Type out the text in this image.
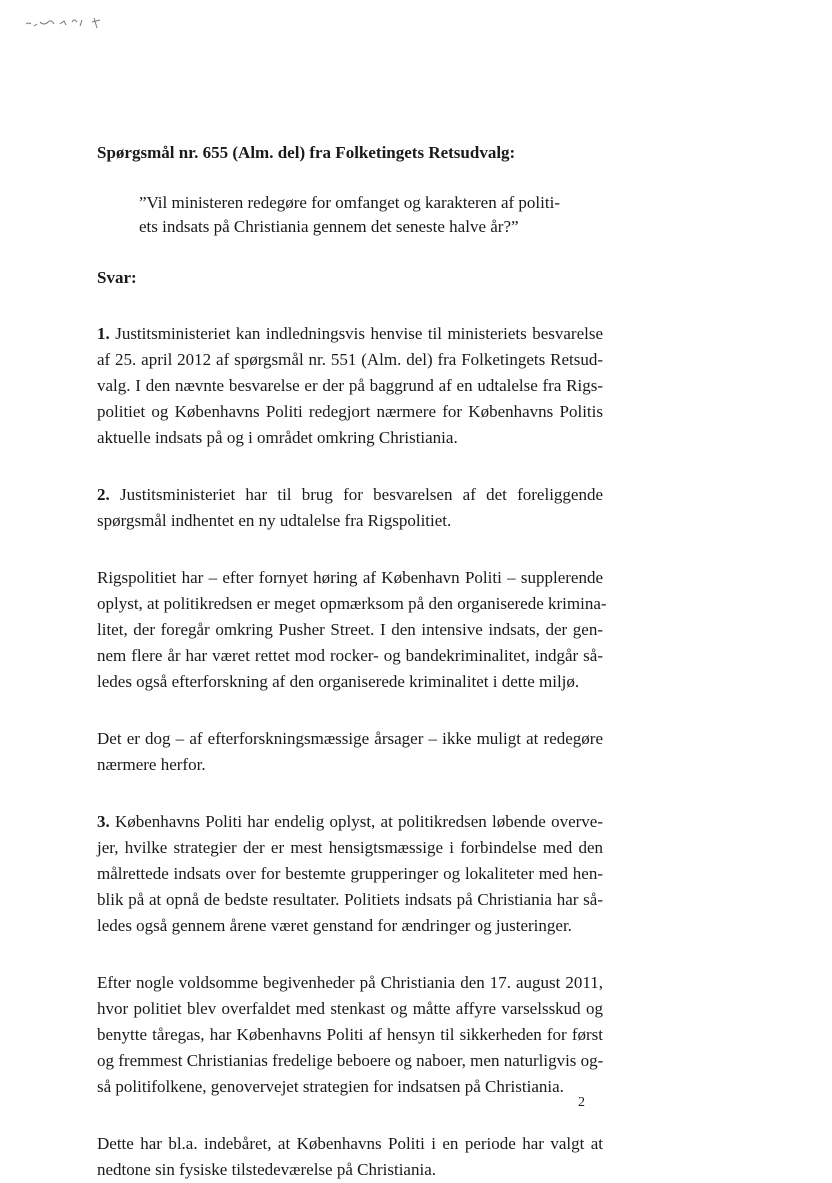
Spørgsmål nr. 655 (Alm. del) fra Folketingets Retsudvalg:

”Vil ministeren redegøre for omfanget og karakteren af politi-

ets indsats på Christiania gennem det seneste halve år?”

Svar:
1. Justitsministeriet kan indledningsvis henvise til ministeriets besvarelse
af 25. april 2012 af spørgsmål nr. 551 (Alm. del) fra Folketingets Retsud-
valg. I den nævnte besvarelse er der på baggrund af en udtalelse fra Rigs-
politiet og Københavns Politi redegjort nærmere for Københavns Politis
aktuelle indsats på og i området omkring Christiania.
2. Justitsministeriet har til brug for besvarelsen af det foreliggende
spørgsmål indhentet en ny udtalelse fra Rigspolitiet.
Rigspolitiet har – efter fornyet høring af København Politi – supplerende
oplyst, at politikredsen er meget opmærksom på den organiserede krimina-
litet, der foregår omkring Pusher Street. I den intensive indsats, der gen-
nem flere år har været rettet mod rocker- og bandekriminalitet, indgår så-
ledes også efterforskning af den organiserede kriminalitet i dette miljø.
Det er dog – af efterforskningsmæssige årsager – ikke muligt at redegøre
nærmere herfor.
3. Københavns Politi har endelig oplyst, at politikredsen løbende overve-
jer, hvilke strategier der er mest hensigtsmæssige i forbindelse med den
målrettede indsats over for bestemte grupperinger og lokaliteter med hen-
blik på at opnå de bedste resultater. Politiets indsats på Christiania har så-
ledes også gennem årene været genstand for ændringer og justeringer.
Efter nogle voldsomme begivenheder på Christiania den 17. august 2011,
hvor politiet blev overfaldet med stenkast og måtte affyre varselsskud og
benytte tåregas, har Københavns Politi af hensyn til sikkerheden for først
og fremmest Christianias fredelige beboere og naboer, men naturligvis og-
så politifolkene, genovervejet strategien for indsatsen på Christiania.
Dette har bl.a. indebåret, at Københavns Politi i en periode har valgt at
nedtone sin fysiske tilstedeværelse på Christiania.
2
